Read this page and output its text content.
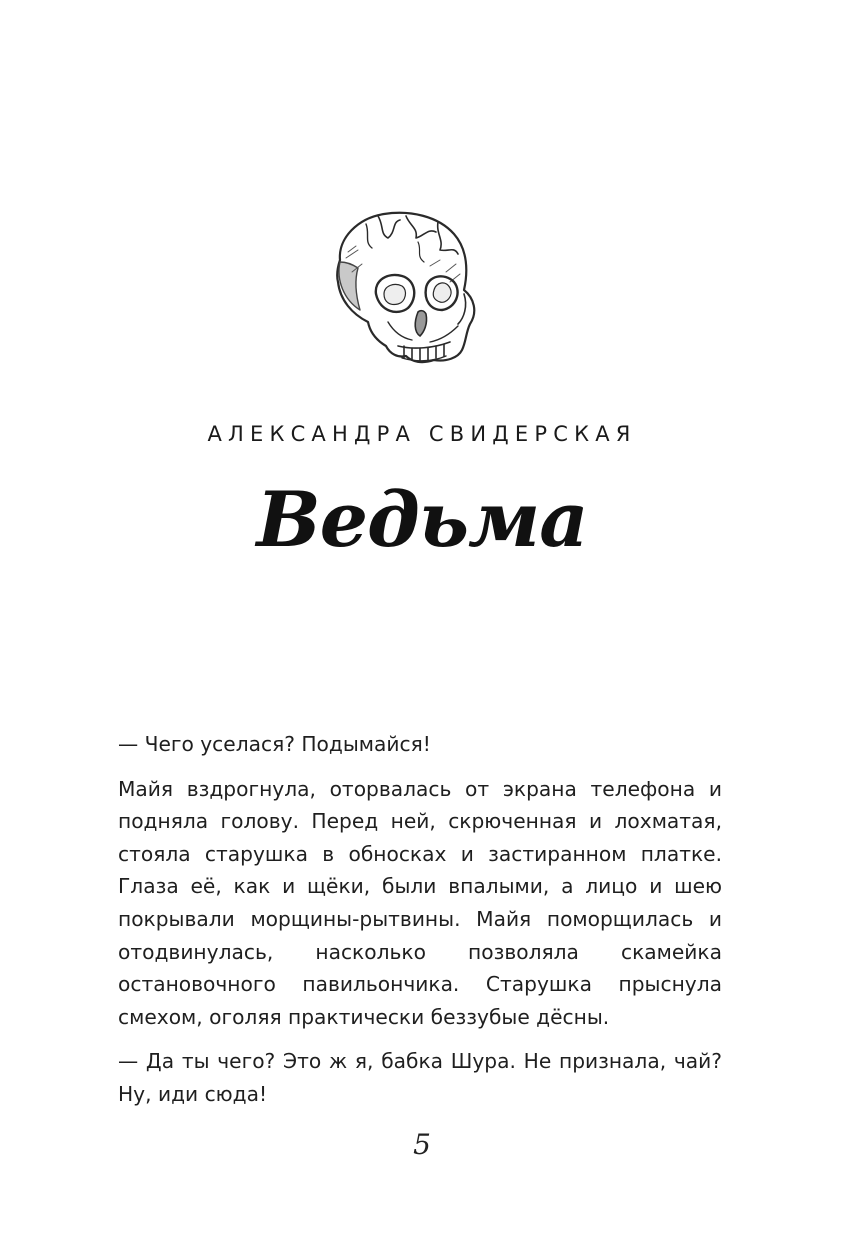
АЛЕКСАНДРА СВИДЕРСКАЯ

Ведьма

— Чего уселася? Подымайся!

Майя вздрогнула, оторвалась от экрана телефона и подняла голову. Перед ней, скрюченная и лохматая, стояла старушка в обносках и застиранном платке. Глаза её, как и щёки, были впалыми, а лицо и шею покрывали морщины-рытвины. Майя поморщилась и отодвинулась, насколько позволяла скамейка остановочного павильончика. Старушка прыснула смехом, оголяя практически беззубые дёсны.

— Да ты чего? Это ж я, бабка Шура. Не признала, чай? Ну, иди сюда!

5
